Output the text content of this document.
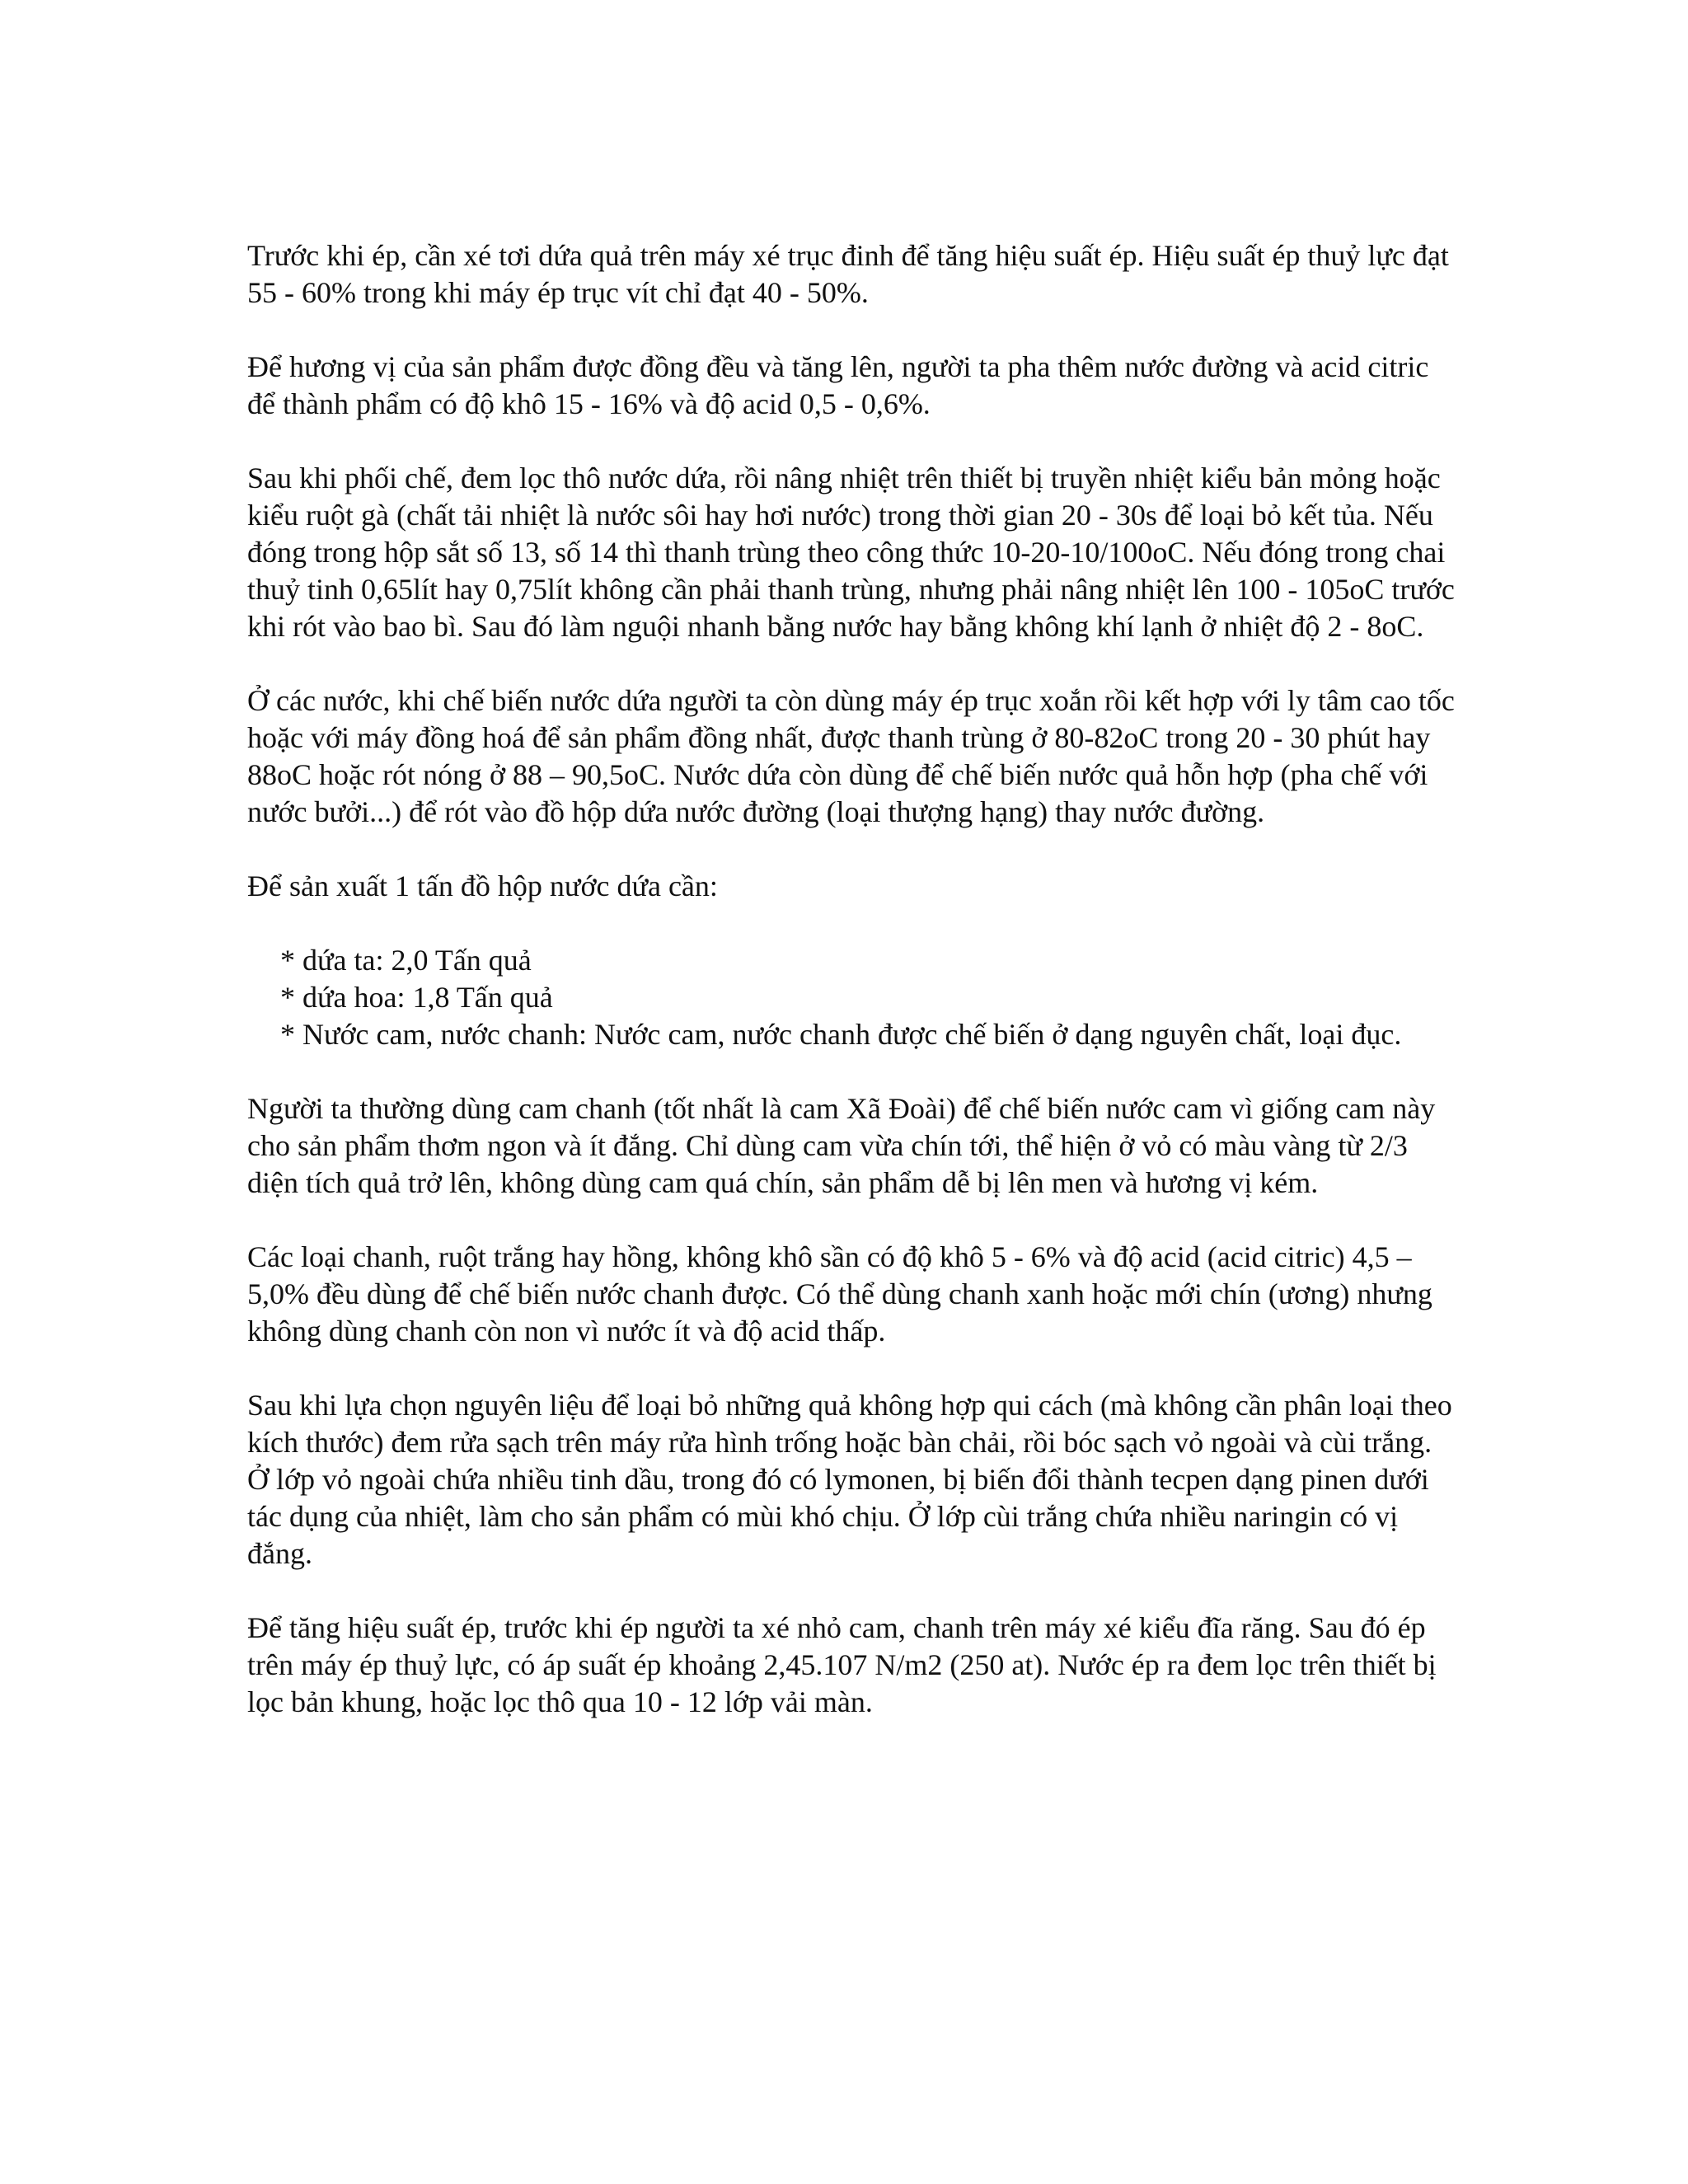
Trước khi ép, cần xé tơi dứa quả trên máy xé trục đinh để tăng hiệu suất ép. Hiệu suất ép thuỷ lực đạt 55 - 60% trong khi máy ép trục vít chỉ đạt 40 - 50%.

Để hương vị của sản phẩm được đồng đều và tăng lên, người ta pha thêm nước đường và acid citric để thành phẩm có độ khô 15 - 16% và độ acid 0,5 - 0,6%.

Sau khi phối chế, đem lọc thô nước dứa, rồi nâng nhiệt trên thiết bị truyền nhiệt kiểu bản mỏng hoặc kiểu ruột gà (chất tải nhiệt là nước sôi hay hơi nước) trong thời gian 20 - 30s để loại bỏ kết tủa. Nếu đóng trong hộp sắt số 13, số 14 thì thanh trùng theo công thức 10-20-10/100oC. Nếu đóng trong chai thuỷ tinh 0,65lít hay 0,75lít không cần phải thanh trùng, nhưng phải nâng nhiệt lên 100 - 105oC trước khi rót vào bao bì. Sau đó làm nguội nhanh bằng nước hay bằng không khí lạnh ở nhiệt độ 2 - 8oC.

Ở các nước, khi chế biến nước dứa người ta còn dùng máy ép trục xoắn rồi kết hợp với ly tâm cao tốc hoặc với máy đồng hoá để sản phẩm đồng nhất, được thanh trùng ở 80-82oC trong 20 - 30 phút hay 88oC hoặc rót nóng ở 88 – 90,5oC. Nước dứa còn dùng để chế biến nước quả hỗn hợp (pha chế với nước bưởi...) để rót vào đồ hộp dứa nước đường (loại thượng hạng) thay nước đường.

Để sản xuất 1 tấn đồ hộp nước dứa cần:

* dứa ta: 2,0 Tấn quả

* dứa hoa: 1,8 Tấn quả

* Nước cam, nước chanh: Nước cam, nước chanh được chế biến ở dạng nguyên chất, loại đục.

Người ta thường dùng cam chanh (tốt nhất là cam Xã Đoài) để chế biến nước cam vì giống cam này cho sản phẩm thơm ngon và ít đắng. Chỉ dùng cam vừa chín tới, thể hiện ở vỏ có màu vàng từ 2/3 diện tích quả trở lên, không dùng cam quá chín, sản phẩm dễ bị lên men và hương vị kém.

Các loại chanh, ruột trắng hay hồng, không khô sần có độ khô 5 - 6% và độ acid (acid citric) 4,5 – 5,0% đều dùng để chế biến nước chanh được. Có thể dùng chanh xanh hoặc mới chín (ương) nhưng không dùng chanh còn non vì nước ít và độ acid thấp.

Sau khi lựa chọn nguyên liệu để loại bỏ những quả không hợp qui cách (mà không cần phân loại theo kích thước) đem rửa sạch trên máy rửa hình trống hoặc bàn chải, rồi bóc sạch vỏ ngoài và cùi trắng. Ở lớp vỏ ngoài chứa nhiều tinh dầu, trong đó có lymonen, bị biến đổi thành tecpen dạng pinen dưới tác dụng của nhiệt, làm cho sản phẩm có mùi khó chịu. Ở lớp cùi trắng chứa nhiều naringin có vị đắng.

Để tăng hiệu suất ép, trước khi ép người ta xé nhỏ cam, chanh trên máy xé kiểu đĩa răng. Sau đó ép trên máy ép thuỷ lực, có áp suất ép khoảng 2,45.107 N/m2 (250 at). Nước ép ra đem lọc trên thiết bị lọc bản khung, hoặc lọc thô qua 10 - 12 lớp vải màn.
